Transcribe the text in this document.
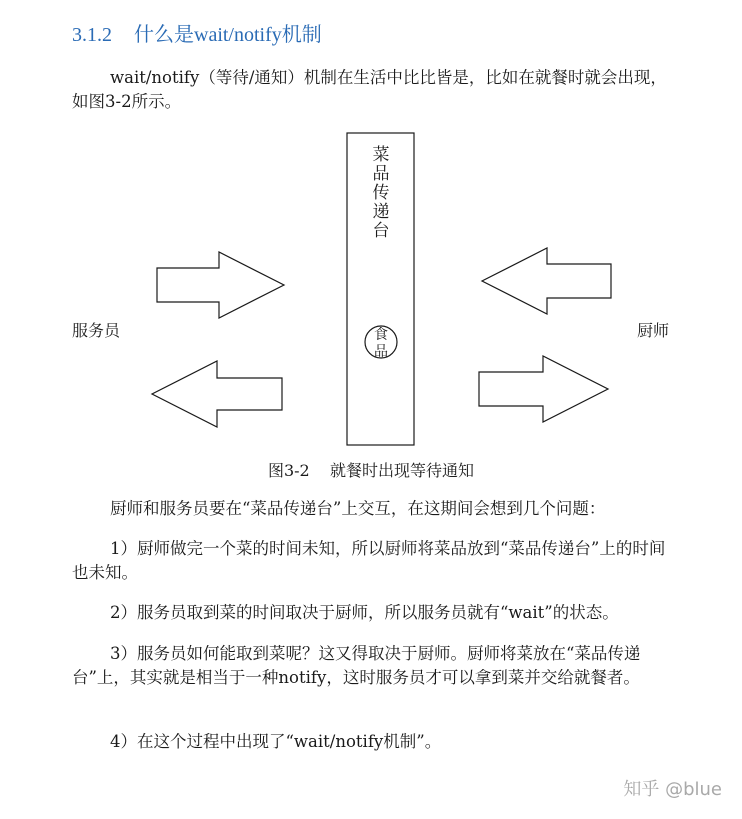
3.1.2 什么是wait/notify机制

wait/notify（等待/通知）机制在生活中比比皆是，比如在就餐时就会出现，如图3-2所示。

菜品传递台
食品
服务员	厨师
图3-2    就餐时出现等待通知

厨师和服务员要在“菜品传递台”上交互，在这期间会想到几个问题：

1）厨师做完一个菜的时间未知，所以厨师将菜品放到“菜品传递台”上的时间也未知。

2）服务员取到菜的时间取决于厨师，所以服务员就有“wait”的状态。

3）服务员如何能取到菜呢？这又得取决于厨师。厨师将菜放在“菜品传递台”上，其实就是相当于一种notify，这时服务员才可以拿到菜并交给就餐者。

4）在这个过程中出现了“wait/notify机制”。

知乎 @blue
